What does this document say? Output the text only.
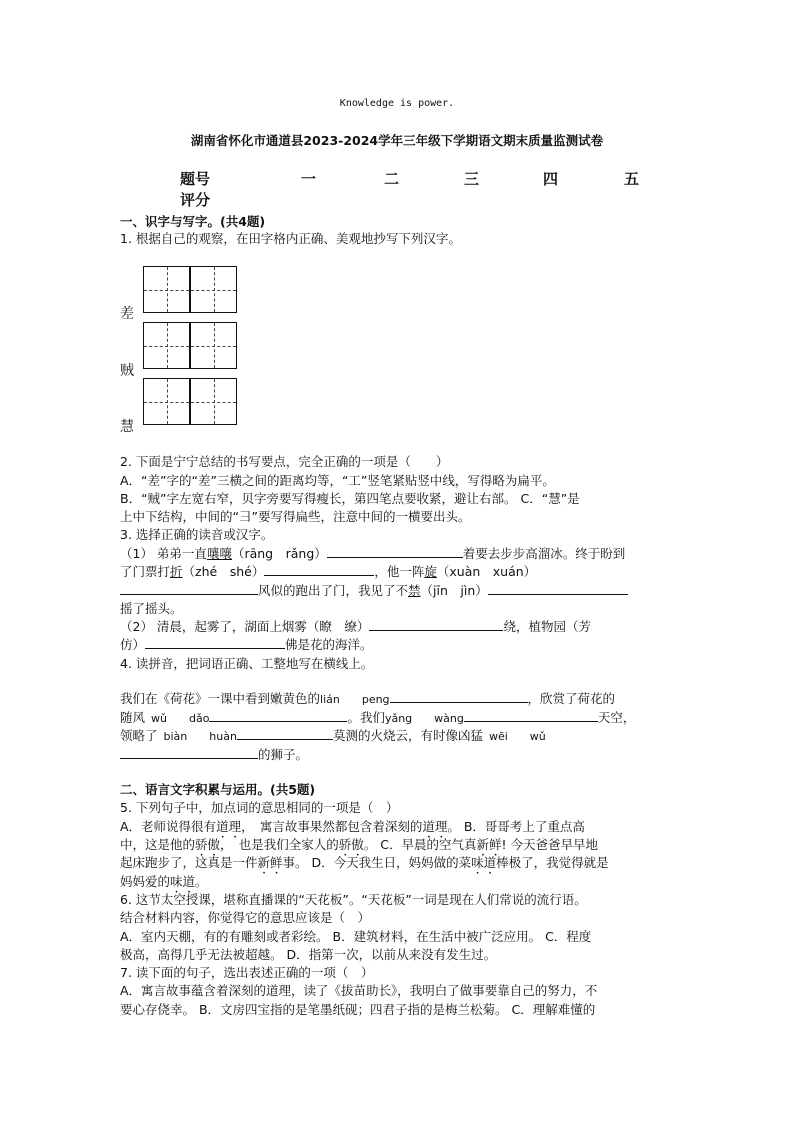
Knowledge is power.
湖南省怀化市通道县2023-2024学年三年级下学期语文期末质量监测试卷
题号	一	二	三	四	五
评分
一、识字与写字。(共4题)
1. 根据自己的观察，在田字格内正确、美观地抄写下列汉字。
差
贼
慧
2. 下面是宁宁总结的书写要点，完全正确的一项是（　　）
A．“差”字的“差”三横之间的距离均等，“工”竖笔紧贴竖中线，写得略为扁平。
B．“贼”字左宽右窄，贝字旁要写得瘦长，第四笔点要收紧，避让右部。 C．“慧”是
上中下结构，中间的“彐”要写得扁些，注意中间的一横要出头。
3. 选择正确的读音或汉字。
（1） 弟弟一直嚷嚷（rāng　rǎng）	着要去步步高溜冰。终于盼到
了门票打折（zhé　shé）	，他一阵旋（xuàn　xuán）
风似的跑出了门，我见了不禁（jīn　jìn）
摇了摇头。
（2） 清晨，起雾了，湖面上烟雾（瞭　缭）	绕，植物园（芳
仿）	佛是花的海洋。
4. 读拼音，把词语正确、工整地写在横线上。
我们在《荷花》一课中看到嫩黄色的lián　　peng	，欣赏了荷花的
随风 wǔ　　dǎo	。我们yǎng　　wàng	天空，
领略了 biàn　　huàn	莫测的火烧云，有时像凶猛 wēi　　wǔ
的狮子。
二、语言文字积累与运用。(共5题)
5. 下列句子中，加点词的意思相同的一项是（　）
A．老师说得很有道理，　寓言故事果然都包含着深刻的道理。 B．哥哥考上了重点高
中，这是他的骄傲，　也是我们全家人的骄傲。 C．早晨的空气真新鲜! 今天爸爸早早地
起床跑步了，这真是一件新鲜事。 D．今天我生日，妈妈做的菜味道棒极了，我觉得就是
妈妈爱的味道。
6. 这节太空授课，堪称直播课的“天花板”。“天花板”一词是现在人们常说的流行语。
结合材料内容，你觉得它的意思应该是（　）
A．室内天棚，有的有雕刻或者彩绘。 B．建筑材料，在生活中被广泛应用。 C．程度
极高，高得几乎无法被超越。 D．指第一次，以前从来没有发生过。
7. 读下面的句子，选出表述正确的一项（　）
A．寓言故事蕴含着深刻的道理，读了《拔苗助长》，我明白了做事要靠自己的努力，不
要心存侥幸。 B．文房四宝指的是笔墨纸砚；四君子指的是梅兰松菊。 C．理解难懂的
